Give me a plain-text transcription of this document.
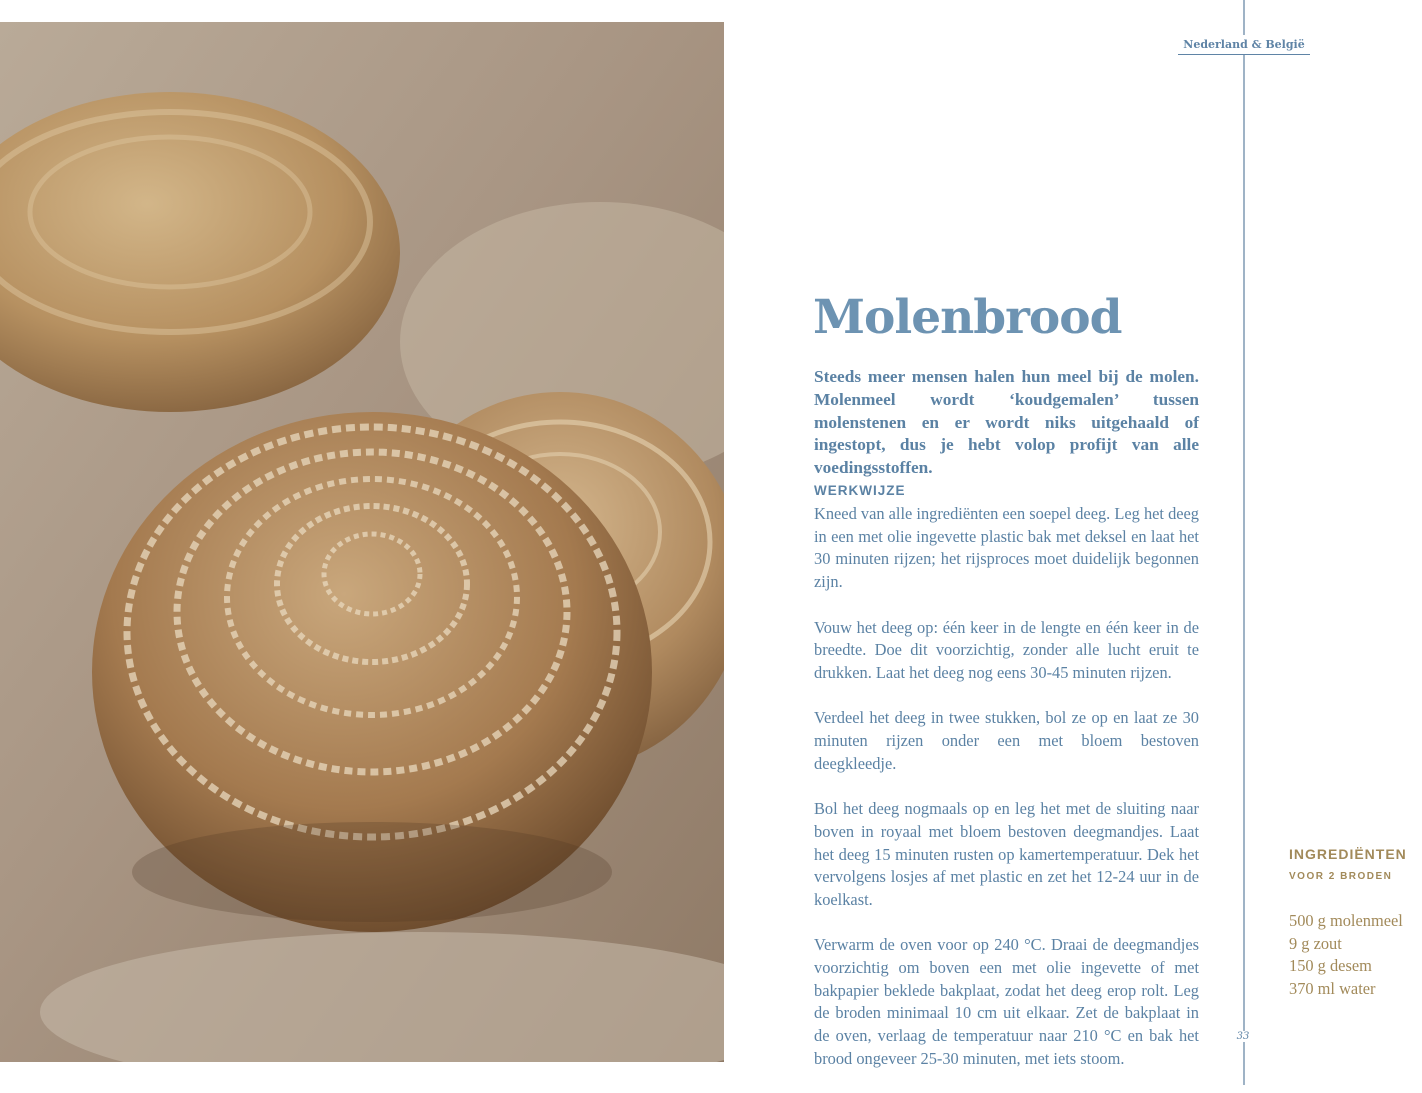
Nederland & België
Molenbrood
Steeds meer mensen halen hun meel bij de molen. Molenmeel wordt ‘koudgemalen’ tussen molenstenen en er wordt niks uitgehaald of ingestopt, dus je hebt volop profijt van alle voedingsstoffen.
WERKWIJZE

Kneed van alle ingrediënten een soepel deeg. Leg het deeg in een met olie ingevette plastic bak met deksel en laat het 30 minuten rijzen; het rijsproces moet duidelijk begonnen zijn.

Vouw het deeg op: één keer in de lengte en één keer in de breedte. Doe dit voorzichtig, zonder alle lucht eruit te drukken. Laat het deeg nog eens 30-45 minuten rijzen.

Verdeel het deeg in twee stukken, bol ze op en laat ze 30 minuten rijzen onder een met bloem bestoven deegkleedje.

Bol het deeg nogmaals op en leg het met de sluiting naar boven in royaal met bloem bestoven deegmandjes. Laat het deeg 15 minuten rusten op kamertemperatuur. Dek het vervolgens losjes af met plastic en zet het 12-24 uur in de koelkast.

Verwarm de oven voor op 240 °C. Draai de deegmandjes voorzichtig om boven een met olie ingevette of met bakpapier beklede bakplaat, zodat het deeg erop rolt. Leg de broden minimaal 10 cm uit elkaar. Zet de bakplaat in de oven, verlaag de temperatuur naar 210 °C en bak het brood ongeveer 25-30 minuten, met iets stoom.

INGREDIËNTEN
VOOR 2 BRODEN
500 g molenmeel
9 g zout
150 g desem
370 ml water
33
